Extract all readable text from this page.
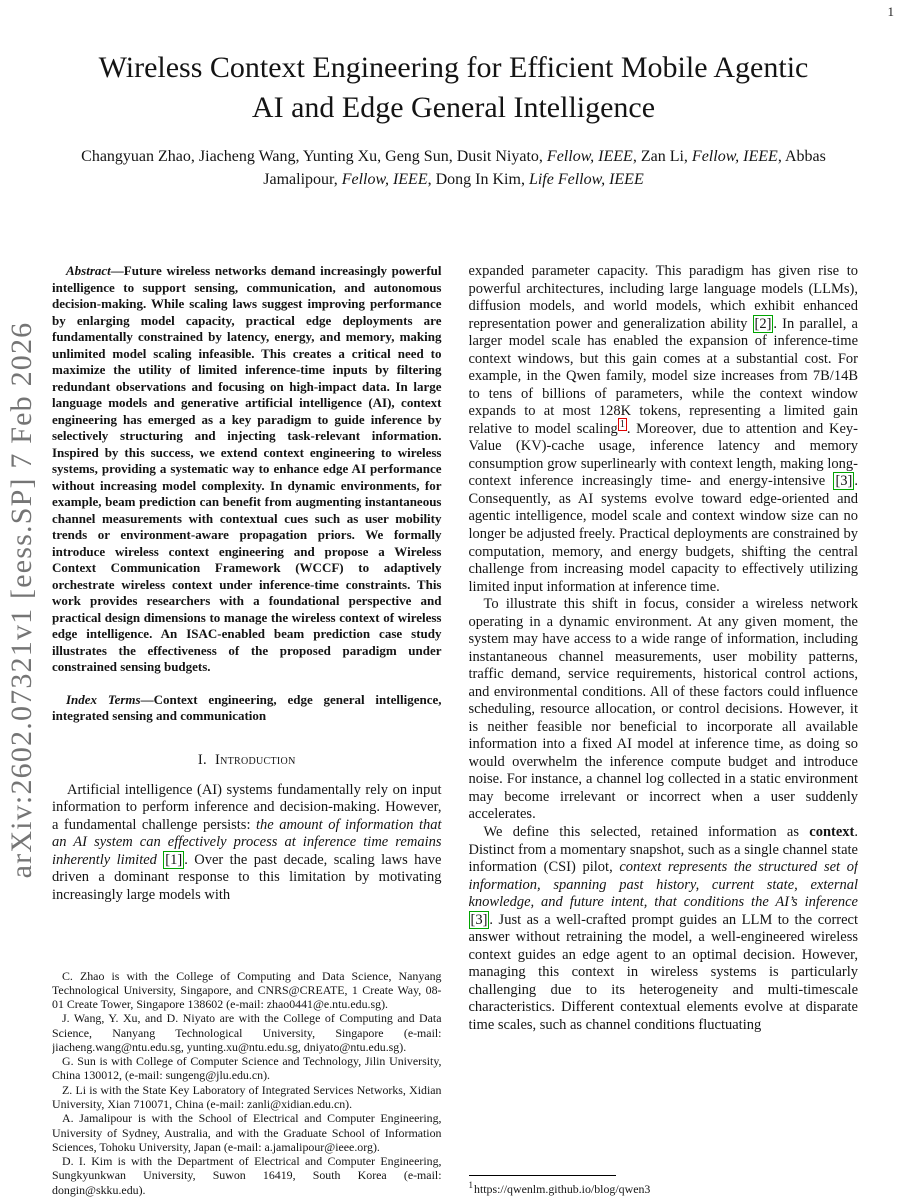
1
arXiv:2602.07321v1 [eess.SP] 7 Feb 2026
Wireless Context Engineering for Efficient Mobile Agentic AI and Edge General Intelligence
Changyuan Zhao, Jiacheng Wang, Yunting Xu, Geng Sun, Dusit Niyato, Fellow, IEEE, Zan Li, Fellow, IEEE, Abbas Jamalipour, Fellow, IEEE, Dong In Kim, Life Fellow, IEEE

Abstract—Future wireless networks demand increasingly powerful intelligence to support sensing, communication, and autonomous decision-making. While scaling laws suggest improving performance by enlarging model capacity, practical edge deployments are fundamentally constrained by latency, energy, and memory, making unlimited model scaling infeasible. This creates a critical need to maximize the utility of limited inference-time inputs by filtering redundant observations and focusing on high-impact data. In large language models and generative artificial intelligence (AI), context engineering has emerged as a key paradigm to guide inference by selectively structuring and injecting task-relevant information. Inspired by this success, we extend context engineering to wireless systems, providing a systematic way to enhance edge AI performance without increasing model complexity. In dynamic environments, for example, beam prediction can benefit from augmenting instantaneous channel measurements with contextual cues such as user mobility trends or environment-aware propagation priors. We formally introduce wireless context engineering and propose a Wireless Context Communication Framework (WCCF) to adaptively orchestrate wireless context under inference-time constraints. This work provides researchers with a foundational perspective and practical design dimensions to manage the wireless context of wireless edge intelligence. An ISAC-enabled beam prediction case study illustrates the effectiveness of the proposed paradigm under constrained sensing budgets.

Index Terms—Context engineering, edge general intelligence, integrated sensing and communication

I. Introduction

Artificial intelligence (AI) systems fundamentally rely on input information to perform inference and decision-making. However, a fundamental challenge persists: the amount of information that an AI system can effectively process at inference time remains inherently limited [1] . Over the past decade, scaling laws have driven a dominant response to this limitation by motivating increasingly large models with

C. Zhao is with the College of Computing and Data Science, Nanyang Technological University, Singapore, and CNRS@CREATE, 1 Create Way, 08-01 Create Tower, Singapore 138602 (e-mail: zhao0441@e.ntu.edu.sg).

J. Wang, Y. Xu, and D. Niyato are with the College of Computing and Data Science, Nanyang Technological University, Singapore (e-mail: jiacheng.wang@ntu.edu.sg, yunting.xu@ntu.edu.sg, dniyato@ntu.edu.sg).

G. Sun is with College of Computer Science and Technology, Jilin University, China 130012, (e-mail: sungeng@jlu.edu.cn).

Z. Li is with the State Key Laboratory of Integrated Services Networks, Xidian University, Xian 710071, China (e-mail: zanli@xidian.edu.cn).

A. Jamalipour is with the School of Electrical and Computer Engineering, University of Sydney, Australia, and with the Graduate School of Information Sciences, Tohoku University, Japan (e-mail: a.jamalipour@ieee.org).

D. I. Kim is with the Department of Electrical and Computer Engineering, Sungkyunkwan University, Suwon 16419, South Korea (e-mail: dongin@skku.edu).

expanded parameter capacity. This paradigm has given rise to powerful architectures, including large language models (LLMs), diffusion models, and world models, which exhibit enhanced representation power and generalization ability [2] . In parallel, a larger model scale has enabled the expansion of inference-time context windows, but this gain comes at a substantial cost. For example, in the Qwen family, model size increases from 7B/14B to tens of billions of parameters, while the context window expands to at most 128K tokens, representing a limited gain relative to model scaling $^1$ . Moreover, due to attention and Key-Value (KV)-cache usage, inference latency and memory consumption grow superlinearly with context length, making long-context inference increasingly time- and energy-intensive [3] . Consequently, as AI systems evolve toward edge-oriented and agentic intelligence, model scale and context window size can no longer be adjusted freely. Practical deployments are constrained by computation, memory, and energy budgets, shifting the central challenge from increasing model capacity to effectively utilizing limited input information at inference time.

To illustrate this shift in focus, consider a wireless network operating in a dynamic environment. At any given moment, the system may have access to a wide range of information, including instantaneous channel measurements, user mobility patterns, traffic demand, service requirements, historical control actions, and environmental conditions. All of these factors could influence scheduling, resource allocation, or control decisions. However, it is neither feasible nor beneficial to incorporate all available information into a fixed AI model at inference time, as doing so would overwhelm the inference compute budget and introduce noise. For instance, a channel log collected in a static environment may become irrelevant or incorrect when a user suddenly accelerates.

We define this selected, retained information as context. Distinct from a momentary snapshot, such as a single channel state information (CSI) pilot, context represents the structured set of information, spanning past history, current state, external knowledge, and future intent, that conditions the AI’s inference [3] . Just as a well-crafted prompt guides an LLM to the correct answer without retraining the model, a well-engineered wireless context guides an edge agent to an optimal decision. However, managing this context in wireless systems is particularly challenging due to its heterogeneity and multi-timescale characteristics. Different contextual elements evolve at disparate time scales, such as channel conditions fluctuating

$^1$https://qwenlm.github.io/blog/qwen3
